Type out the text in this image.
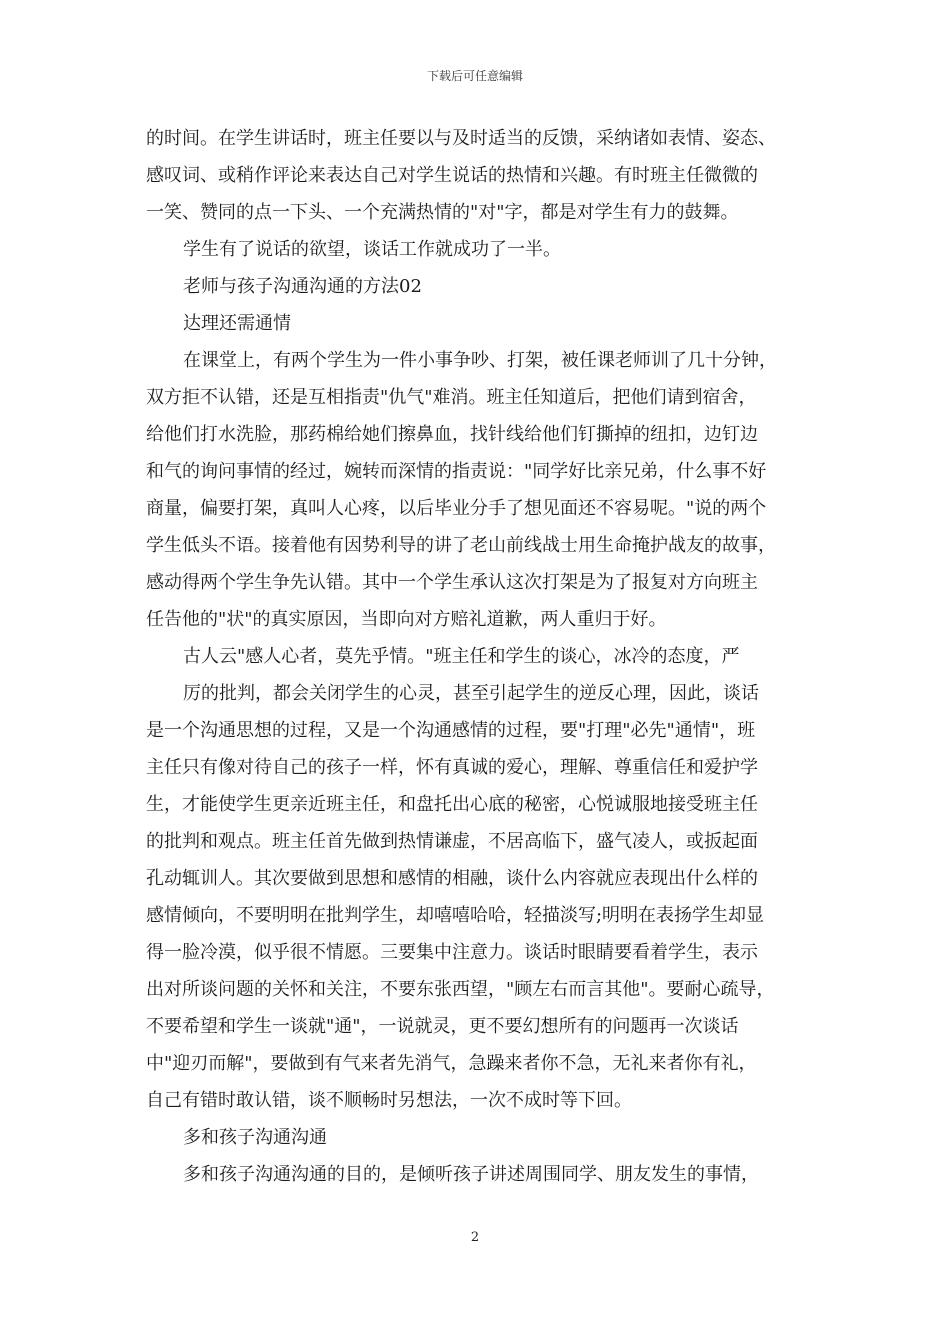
下载后可任意编辑
的时间。在学生讲话时，班主任要以与及时适当的反馈，采纳诸如表情、姿态、
感叹词、或稍作评论来表达自己对学生说话的热情和兴趣。有时班主任微微的
一笑、赞同的点一下头、一个充满热情的"对"字，都是对学生有力的鼓舞。
学生有了说话的欲望，谈话工作就成功了一半。
老师与孩子沟通沟通的方法02
达理还需通情
在课堂上，有两个学生为一件小事争吵、打架，被任课老师训了几十分钟，
双方拒不认错，还是互相指责"仇气"难消。班主任知道后，把他们请到宿舍，
给他们打水洗脸，那药棉给她们擦鼻血，找针线给他们钉撕掉的纽扣，边钉边
和气的询问事情的经过，婉转而深情的指责说："同学好比亲兄弟，什么事不好
商量，偏要打架，真叫人心疼，以后毕业分手了想见面还不容易呢。"说的两个
学生低头不语。接着他有因势利导的讲了老山前线战士用生命掩护战友的故事，
感动得两个学生争先认错。其中一个学生承认这次打架是为了报复对方向班主
任告他的"状"的真实原因，当即向对方赔礼道歉，两人重归于好。
古人云"感人心者，莫先乎情。"班主任和学生的谈心，冰冷的态度，严
厉的批判，都会关闭学生的心灵，甚至引起学生的逆反心理，因此，谈话
是一个沟通思想的过程，又是一个沟通感情的过程，要"打理"必先"通情"，班
主任只有像对待自己的孩子一样，怀有真诚的爱心，理解、尊重信任和爱护学
生，才能使学生更亲近班主任，和盘托出心底的秘密，心悦诚服地接受班主任
的批判和观点。班主任首先做到热情谦虚，不居高临下，盛气凌人，或扳起面
孔动辄训人。其次要做到思想和感情的相融，谈什么内容就应表现出什么样的
感情倾向，不要明明在批判学生，却嘻嘻哈哈，轻描淡写;明明在表扬学生却显
得一脸冷漠，似乎很不情愿。三要集中注意力。谈话时眼睛要看着学生，表示
出对所谈问题的关怀和关注，不要东张西望，"顾左右而言其他"。要耐心疏导，
不要希望和学生一谈就"通"，一说就灵，更不要幻想所有的问题再一次谈话
中"迎刃而解"，要做到有气来者先消气，急躁来者你不急，无礼来者你有礼，
自己有错时敢认错，谈不顺畅时另想法，一次不成时等下回。
多和孩子沟通沟通
多和孩子沟通沟通的目的，是倾听孩子讲述周围同学、朋友发生的事情，
2
